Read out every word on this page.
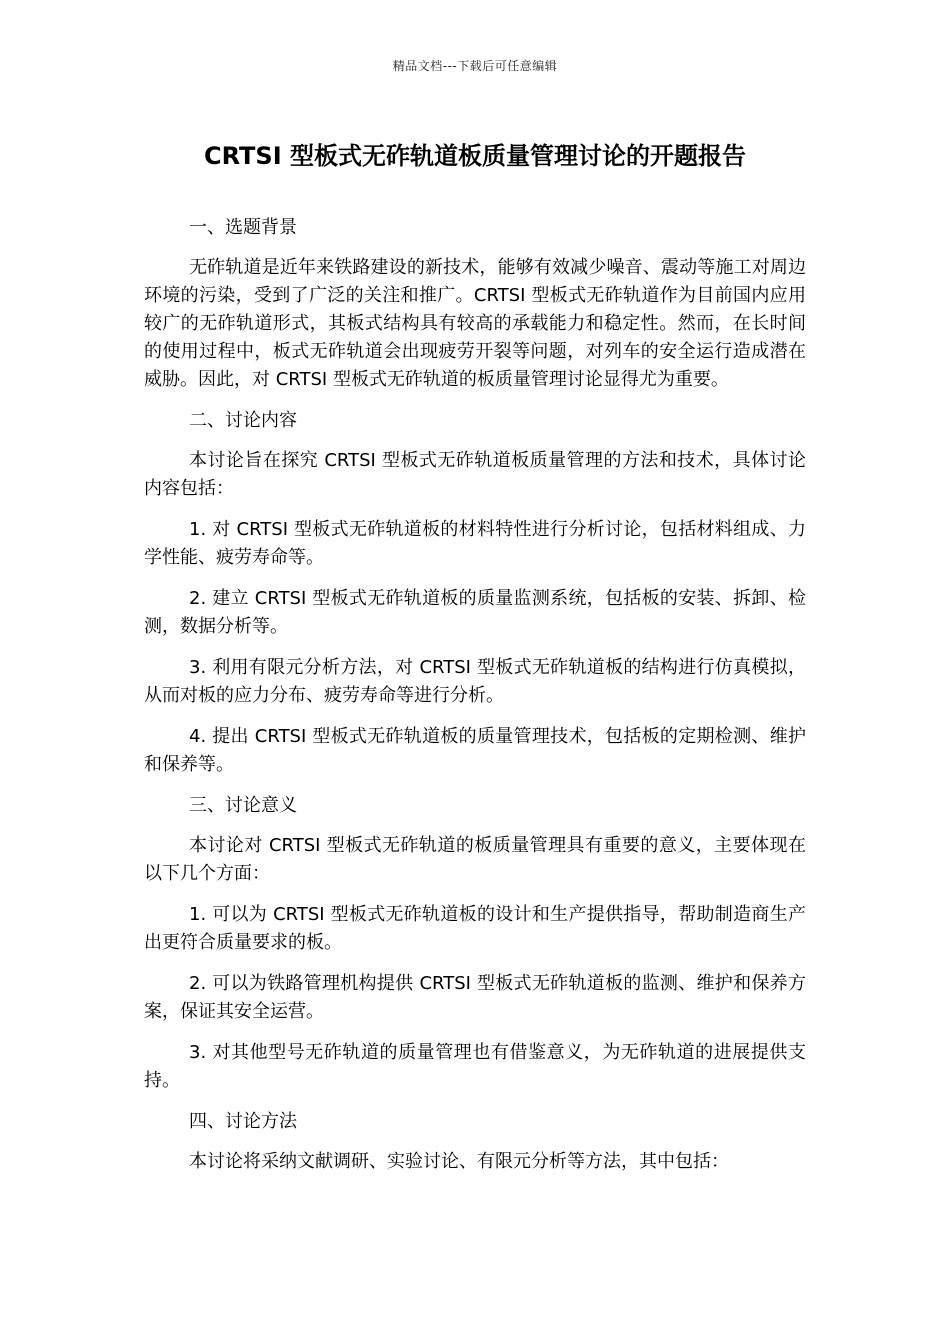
精品文档---下载后可任意编辑
CRTSI 型板式无砟轨道板质量管理讨论的开题报告

一、选题背景

无砟轨道是近年来铁路建设的新技术，能够有效减少噪音、震动等施工对周边环境的污染，受到了广泛的关注和推广。CRTSI 型板式无砟轨道作为目前国内应用较广的无砟轨道形式，其板式结构具有较高的承载能力和稳定性。然而，在长时间的使用过程中，板式无砟轨道会出现疲劳开裂等问题，对列车的安全运行造成潜在威胁。因此，对 CRTSI 型板式无砟轨道的板质量管理讨论显得尤为重要。

二、讨论内容

本讨论旨在探究 CRTSI 型板式无砟轨道板质量管理的方法和技术，具体讨论内容包括：

1. 对 CRTSI 型板式无砟轨道板的材料特性进行分析讨论，包括材料组成、力学性能、疲劳寿命等。

2. 建立 CRTSI 型板式无砟轨道板的质量监测系统，包括板的安装、拆卸、检测，数据分析等。

3. 利用有限元分析方法，对 CRTSI 型板式无砟轨道板的结构进行仿真模拟，从而对板的应力分布、疲劳寿命等进行分析。

4. 提出 CRTSI 型板式无砟轨道板的质量管理技术，包括板的定期检测、维护和保养等。

三、讨论意义

本讨论对 CRTSI 型板式无砟轨道的板质量管理具有重要的意义，主要体现在以下几个方面：

1. 可以为 CRTSI 型板式无砟轨道板的设计和生产提供指导，帮助制造商生产出更符合质量要求的板。

2. 可以为铁路管理机构提供 CRTSI 型板式无砟轨道板的监测、维护和保养方案，保证其安全运营。

3. 对其他型号无砟轨道的质量管理也有借鉴意义，为无砟轨道的进展提供支持。

四、讨论方法

本讨论将采纳文献调研、实验讨论、有限元分析等方法，其中包括：
